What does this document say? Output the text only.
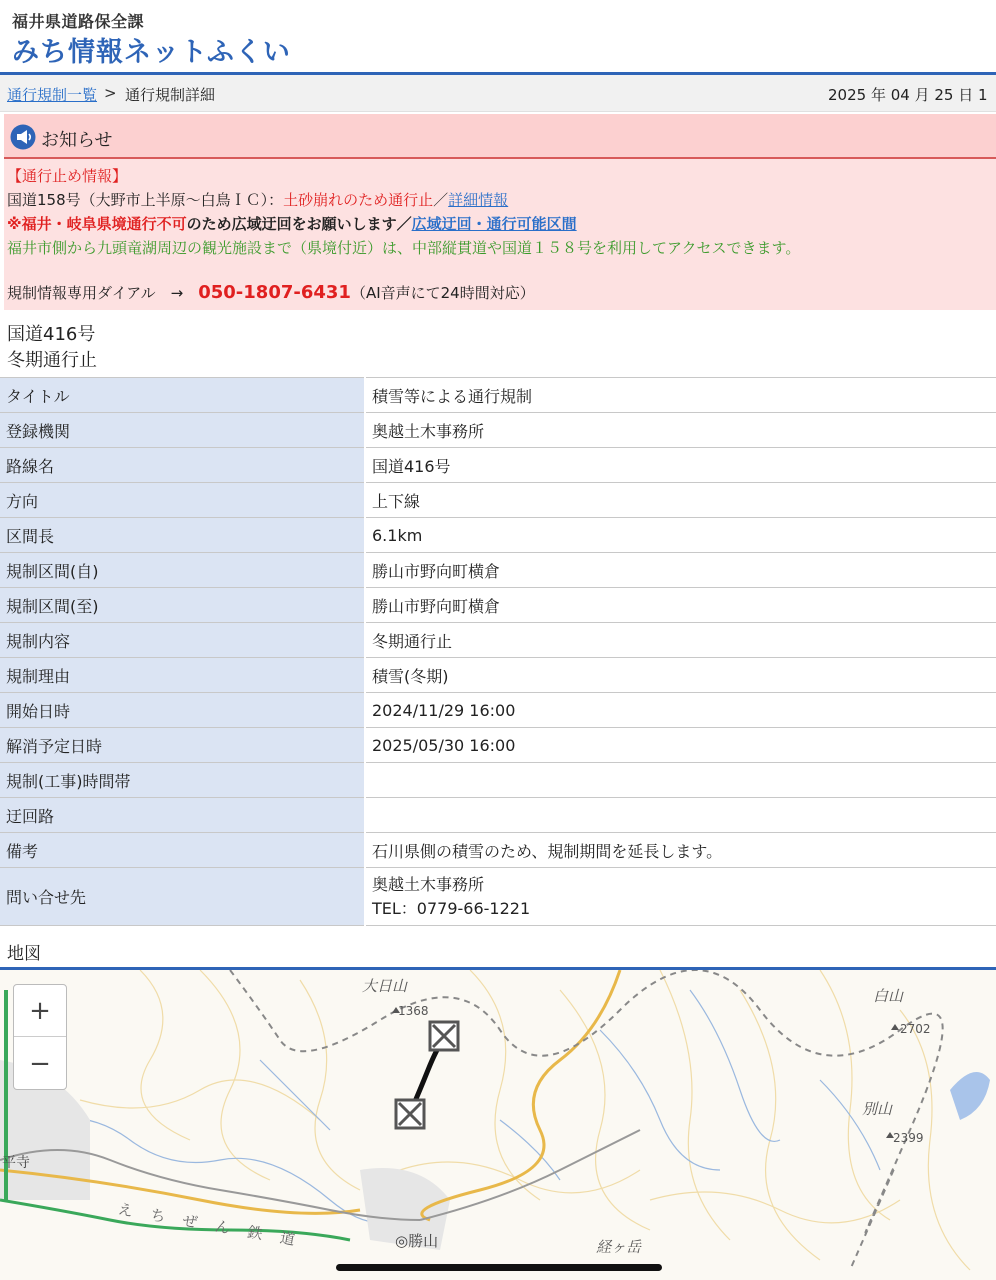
福井県道路保全課
みち情報ネットふくい
通行規制一覧 > 通行規制詳細	2025 年 04 月 25 日 1
お知らせ
【通行止め情報】
国道158号（大野市上半原〜白鳥ＩＣ）：土砂崩れのため通行止／詳細情報
※福井・岐阜県境通行不可のため広域迂回をお願いします／広域迂回・通行可能区間
福井市側から九頭竜湖周辺の観光施設まで（県境付近）は、中部縦貫道や国道１５８号を利用してアクセスできます。
規制情報専用ダイアル　→　050-1807-6431（AI音声にて24時間対応）
国道416号
冬期通行止
タイトル	積雪等による通行規制
登録機関	奥越土木事務所
路線名	国道416号
方向	上下線
区間長	6.1km
規制区間(自)	勝山市野向町横倉
規制区間(至)	勝山市野向町横倉
規制内容	冬期通行止
規制理由	積雪(冬期)
開始日時	2024/11/29 16:00
解消予定日時	2025/05/30 16:00
規制(工事)時間帯	
迂回路	
備考	石川県側の積雪のため、規制期間を延長します。
問い合せ先	奥越土木事務所
TEL：0779-66-1221
地図
大日山
1368
白山
2702
別山
2399
◎勝山	経ヶ岳
平寺
えちぜん鉄道
+
−
